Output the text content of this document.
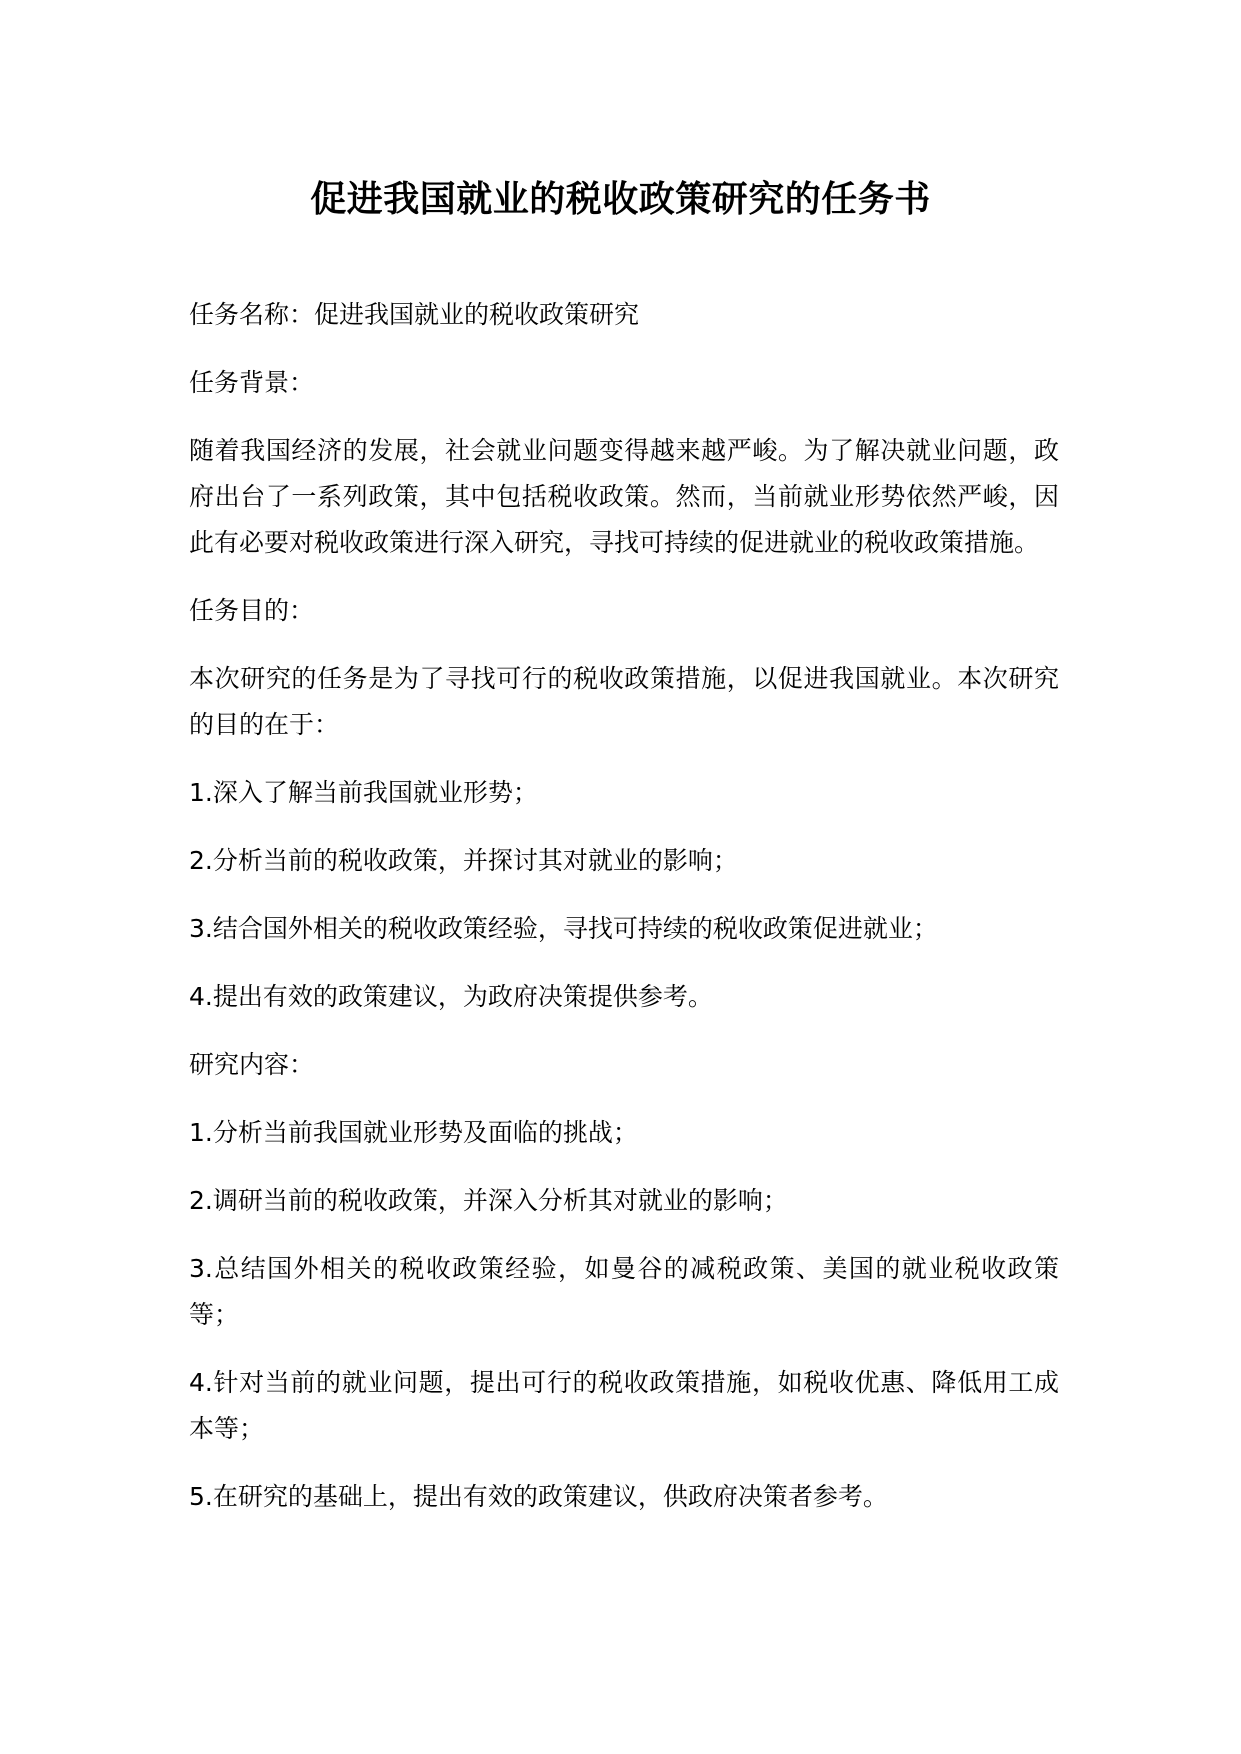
促进我国就业的税收政策研究的任务书

任务名称：促进我国就业的税收政策研究

任务背景：

随着我国经济的发展，社会就业问题变得越来越严峻。为了解决就业问题，政府出台了一系列政策，其中包括税收政策。然而，当前就业形势依然严峻，因此有必要对税收政策进行深入研究，寻找可持续的促进就业的税收政策措施。

任务目的：

本次研究的任务是为了寻找可行的税收政策措施，以促进我国就业。本次研究的目的在于：

1.深入了解当前我国就业形势；

2.分析当前的税收政策，并探讨其对就业的影响；

3.结合国外相关的税收政策经验，寻找可持续的税收政策促进就业；

4.提出有效的政策建议，为政府决策提供参考。

研究内容：

1.分析当前我国就业形势及面临的挑战；

2.调研当前的税收政策，并深入分析其对就业的影响；

3.总结国外相关的税收政策经验，如曼谷的减税政策、美国的就业税收政策等；

4.针对当前的就业问题，提出可行的税收政策措施，如税收优惠、降低用工成本等；

5.在研究的基础上，提出有效的政策建议，供政府决策者参考。
